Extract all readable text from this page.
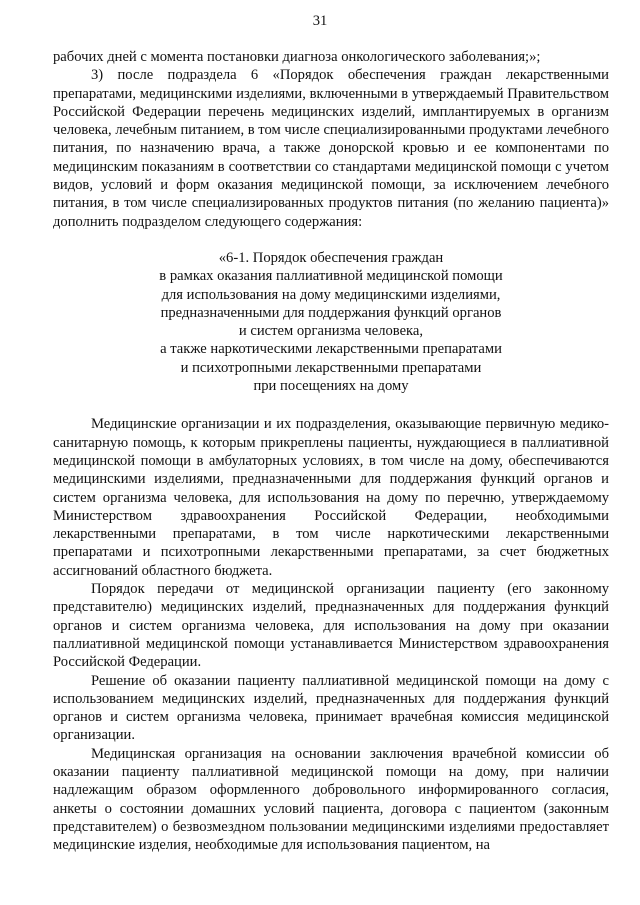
31

рабочих дней с момента постановки диагноза онкологического заболевания;»;

3) после подраздела 6 «Порядок обеспечения граждан лекарственными препаратами, медицинскими изделиями, включенными в утверждаемый Правительством Российской Федерации перечень медицинских изделий, имплантируемых в организм человека, лечебным питанием, в том числе специализированными продуктами лечебного питания, по назначению врача, а также донорской кровью и ее компонентами по медицинским показаниям в соответствии со стандартами медицинской помощи с учетом видов, условий и форм оказания медицинской помощи, за исключением лечебного питания, в том числе специализированных продуктов питания (по желанию пациента)» дополнить подразделом следующего содержания:

«6-1. Порядок обеспечения граждан
в рамках оказания паллиативной медицинской помощи
для использования на дому медицинскими изделиями,
предназначенными для поддержания функций органов
и систем организма человека,
а также наркотическими лекарственными препаратами
и психотропными лекарственными препаратами
при посещениях на дому

Медицинские организации и их подразделения, оказывающие первичную медико-санитарную помощь, к которым прикреплены пациенты, нуждающиеся в паллиативной медицинской помощи в амбулаторных условиях, в том числе на дому, обеспечиваются медицинскими изделиями, предназначенными для поддержания функций органов и систем организма человека, для использования на дому по перечню, утверждаемому Министерством здравоохранения Российской Федерации, необходимыми лекарственными препаратами, в том числе наркотическими лекарственными препаратами и психотропными лекарственными препаратами, за счет бюджетных ассигнований областного бюджета.

Порядок передачи от медицинской организации пациенту (его законному представителю) медицинских изделий, предназначенных для поддержания функций органов и систем организма человека, для использования на дому при оказании паллиативной медицинской помощи устанавливается Министерством здравоохранения Российской Федерации.

Решение об оказании пациенту паллиативной медицинской помощи на дому с использованием медицинских изделий, предназначенных для поддержания функций органов и систем организма человека, принимает врачебная комиссия медицинской организации.

Медицинская организация на основании заключения врачебной комиссии об оказании пациенту паллиативной медицинской помощи на дому, при наличии надлежащим образом оформленного добровольного информированного согласия, анкеты о состоянии домашних условий пациента, договора с пациентом (законным представителем) о безвозмездном пользовании медицинскими изделиями предоставляет медицинские изделия, необходимые для использования пациентом, на
